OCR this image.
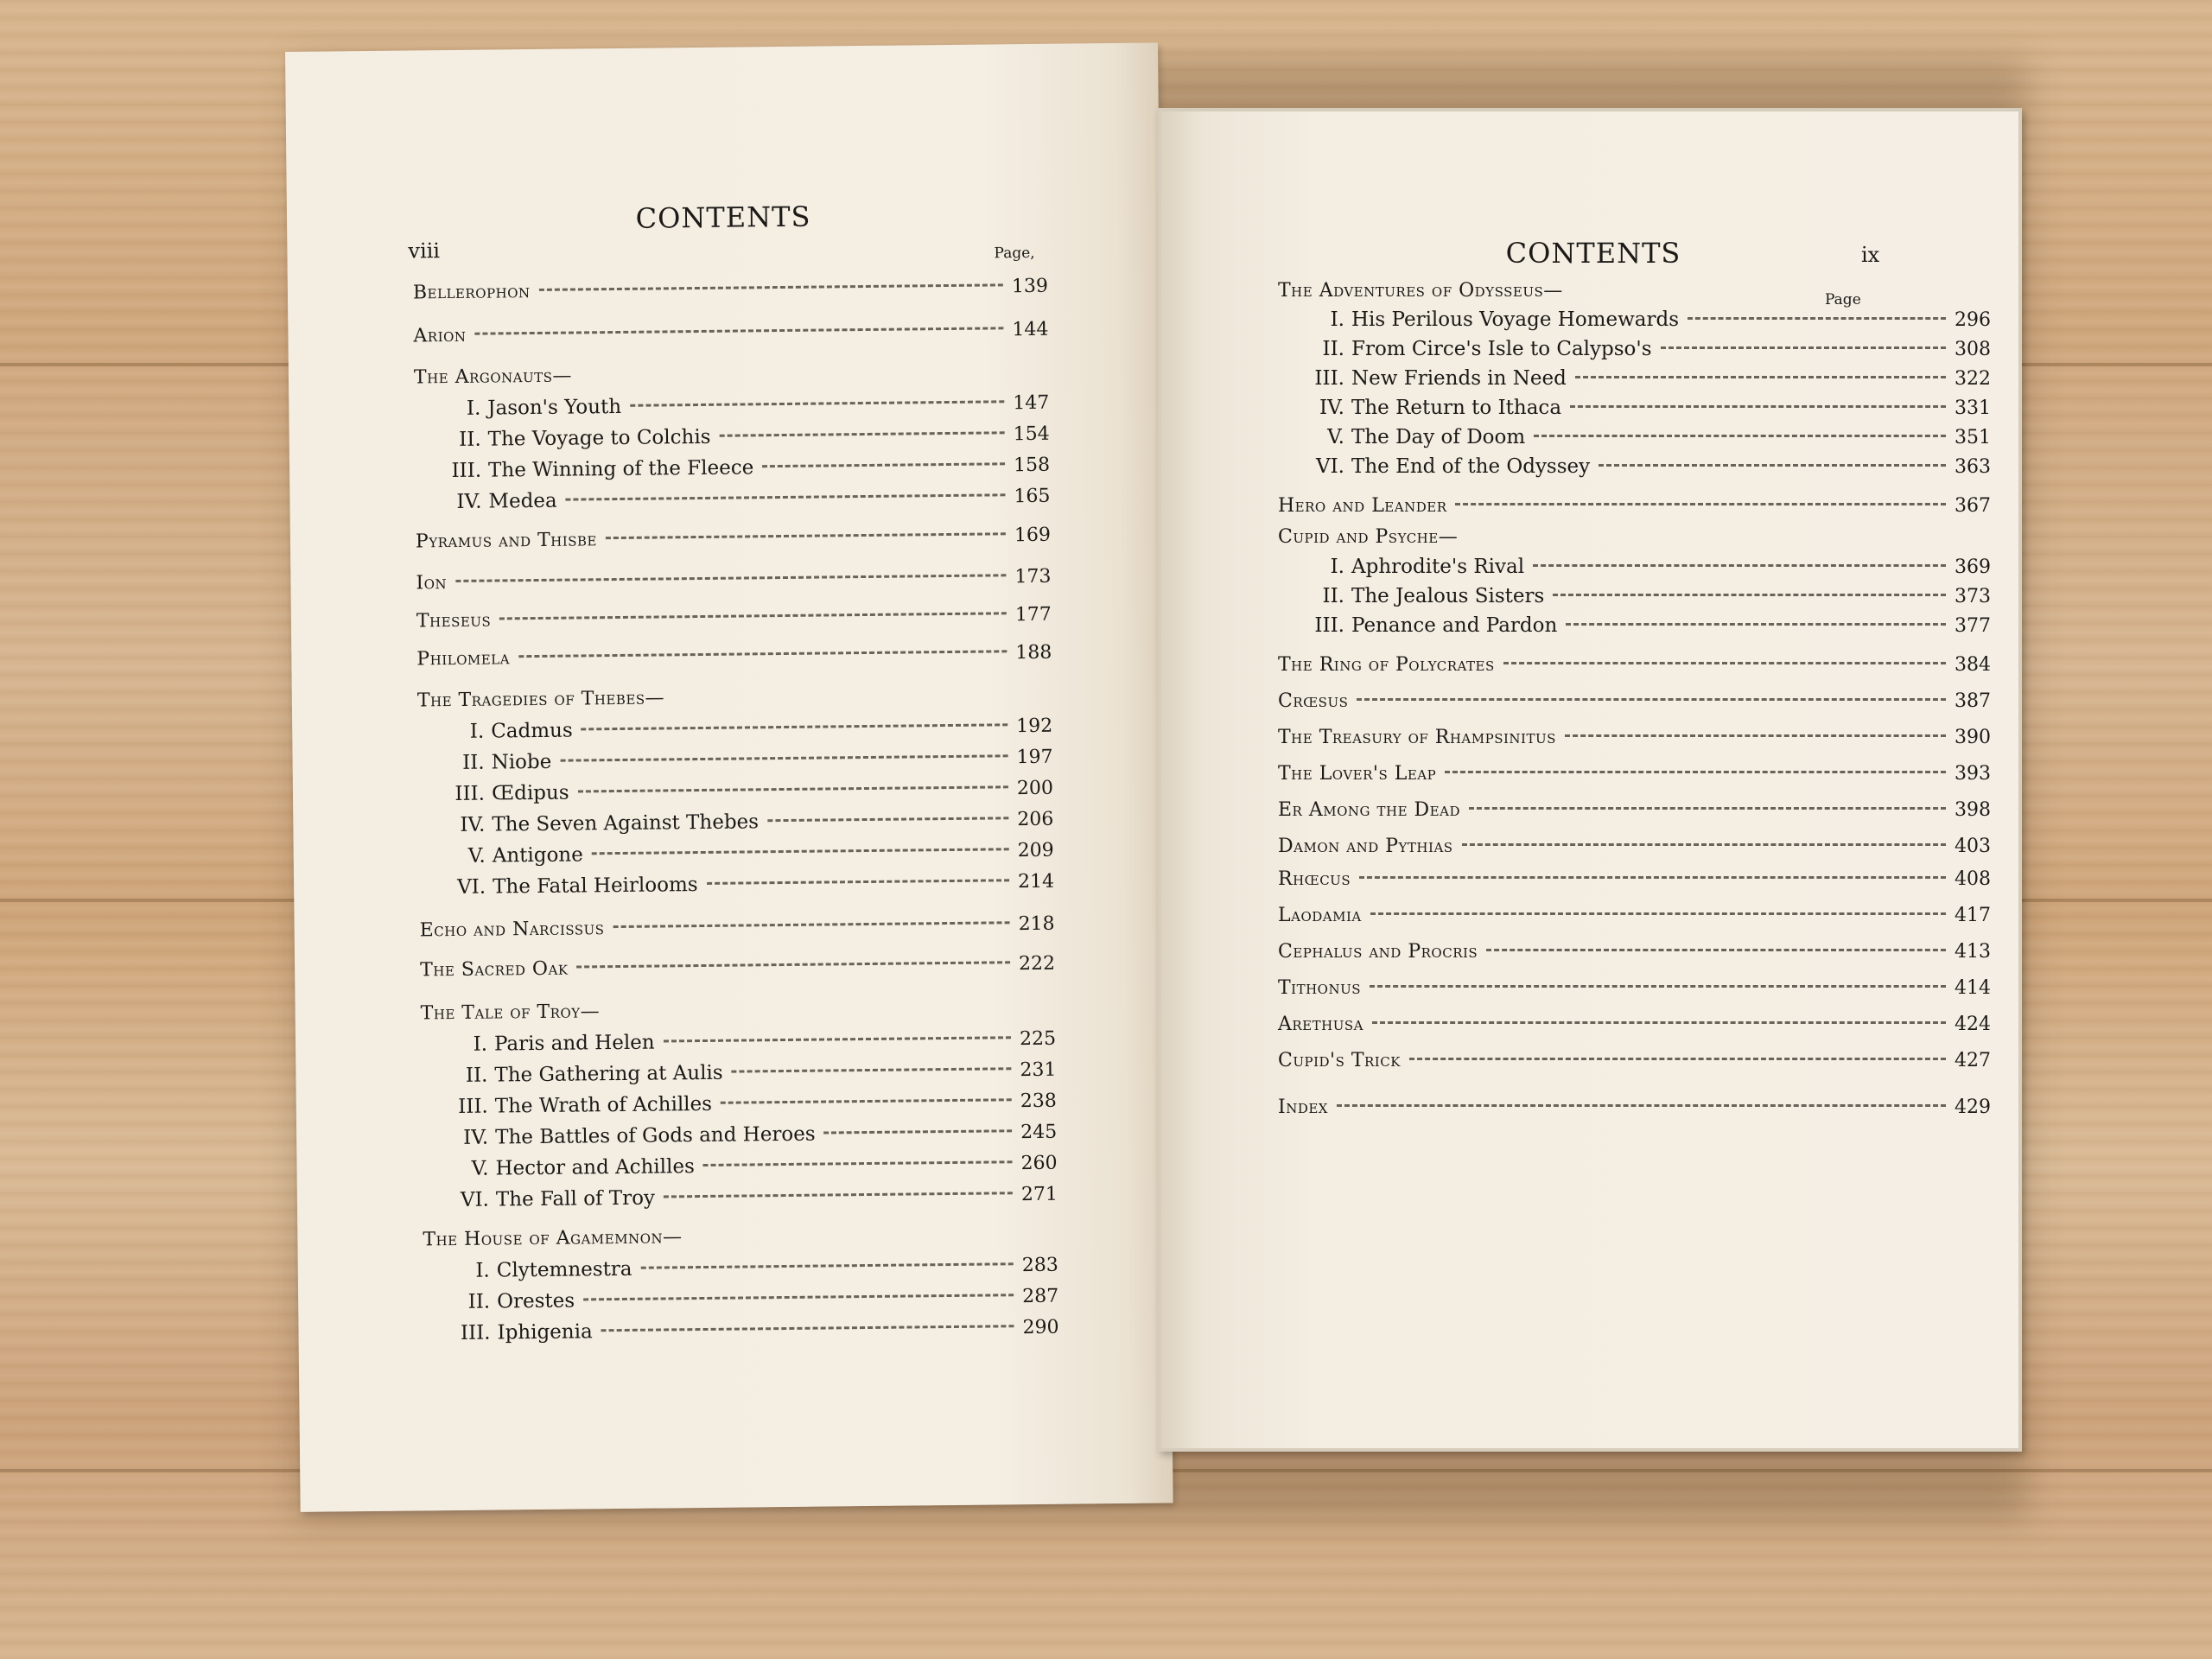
viii
CONTENTS
Page,
Bellerophon	139
Arion	144
The Argonauts—
I. Jason's Youth	147
II. The Voyage to Colchis	154
III. The Winning of the Fleece	158
IV. Medea	165
Pyramus and Thisbe	169
Ion	173
Theseus	177
Philomela	188
The Tragedies of Thebes—
I. Cadmus	192
II. Niobe	197
III. Œdipus	200
IV. The Seven Against Thebes	206
V. Antigone	209
VI. The Fatal Heirlooms	214
Echo and Narcissus	218
The Sacred Oak	222
The Tale of Troy—
I. Paris and Helen	225
II. The Gathering at Aulis	231
III. The Wrath of Achilles	238
IV. The Battles of Gods and Heroes	245
V. Hector and Achilles	260
VI. The Fall of Troy	271
The House of Agamemnon—
I. Clytemnestra	283
II. Orestes	287
III. Iphigenia	290
CONTENTS	ix
Page
The Adventures of Odysseus—
I. His Perilous Voyage Homewards	296
II. From Circe's Isle to Calypso's	308
III. New Friends in Need	322
IV. The Return to Ithaca	331
V. The Day of Doom	351
VI. The End of the Odyssey	363
Hero and Leander	367
Cupid and Psyche—
I. Aphrodite's Rival	369
II. The Jealous Sisters	373
III. Penance and Pardon	377
The Ring of Polycrates	384
Crœsus	387
The Treasury of Rhampsinitus	390
The Lover's Leap	393
Er Among the Dead	398
Damon and Pythias	403
Rhœcus	408
Laodamia	417
Cephalus and Procris	413
Tithonus	414
Arethusa	424
Cupid's Trick	427
Index	429
